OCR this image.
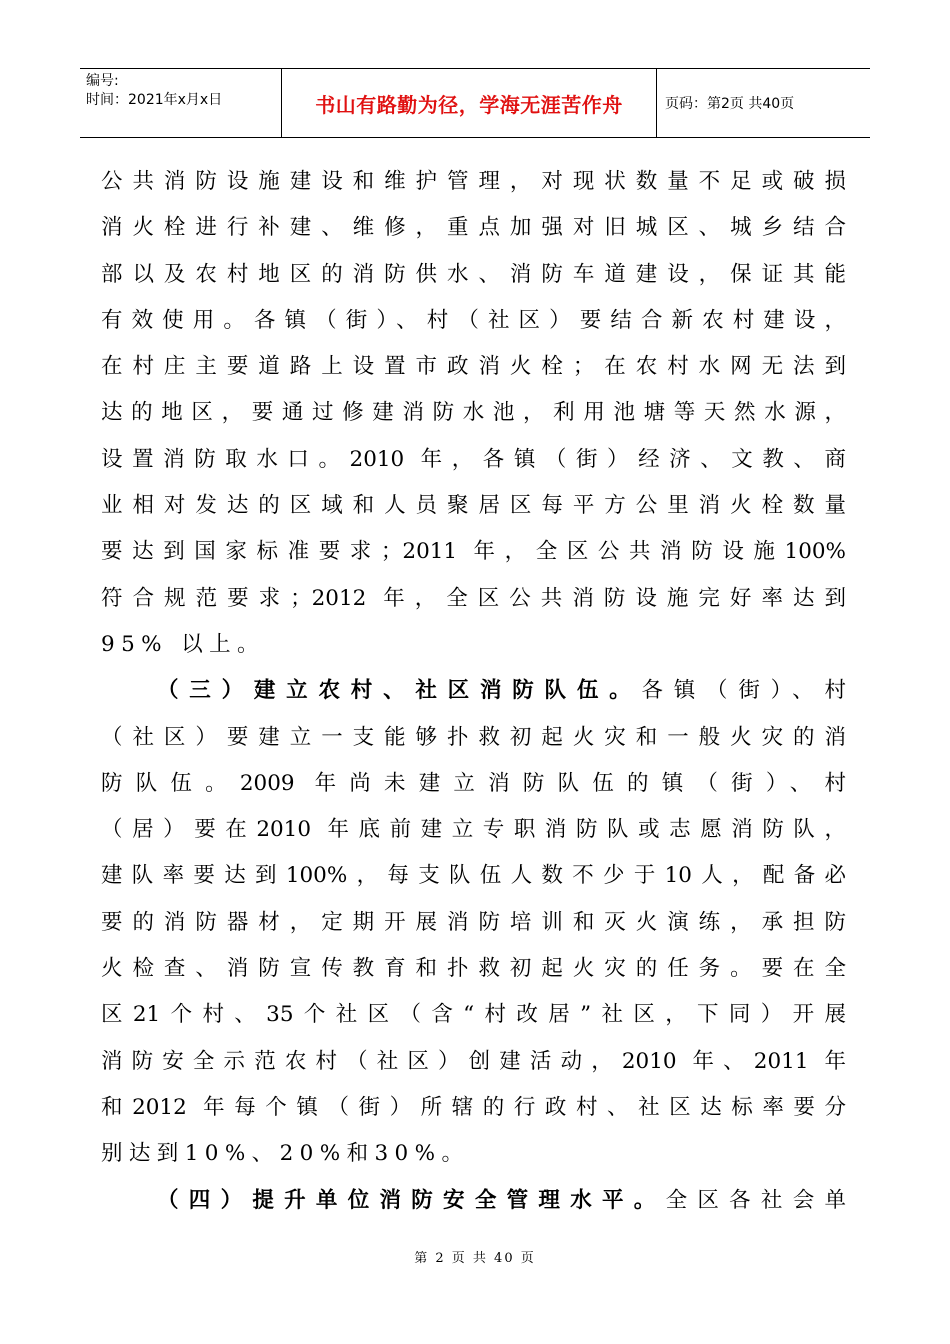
编号:
时间：2021年x月x日	书山有路勤为径，学海无涯苦作舟	页码：第2页 共40页
公共消防设施建设和维护管理，对现状数量不足或破损
消火栓进行补建、维修，重点加强对旧城区、城乡结合
部以及农村地区的消防供水、消防车道建设，保证其能
有效使用。各镇（街）、村（社区）要结合新农村建设，
在村庄主要道路上设置市政消火栓；在农村水网无法到
达的地区，要通过修建消防水池，利用池塘等天然水源，
设置消防取水口。2010 年，各镇（街）经济、文教、商
业相对发达的区域和人员聚居区每平方公里消火栓数量
要达到国家标准要求；2011 年，全区公共消防设施100%
符合规范要求；2012 年，全区公共消防设施完好率达到
95% 以上。
（三）建立农村、社区消防队伍。各镇（街）、村
（社区）要建立一支能够扑救初起火灾和一般火灾的消
防队伍。2009 年尚未建立消防队伍的镇（街）、村
（居）要在2010 年底前建立专职消防队或志愿消防队，
建队率要达到100%，每支队伍人数不少于10人，配备必
要的消防器材，定期开展消防培训和灭火演练，承担防
火检查、消防宣传教育和扑救初起火灾的任务。要在全
区21个村、35个社区（含“村改居”社区，下同）开展
消防安全示范农村（社区）创建活动，2010 年、2011 年
和2012 年每个镇（街）所辖的行政村、社区达标率要分
别达到10%、20%和30%。
（四）提升单位消防安全管理水平。全区各社会单
第 2 页 共 40 页
